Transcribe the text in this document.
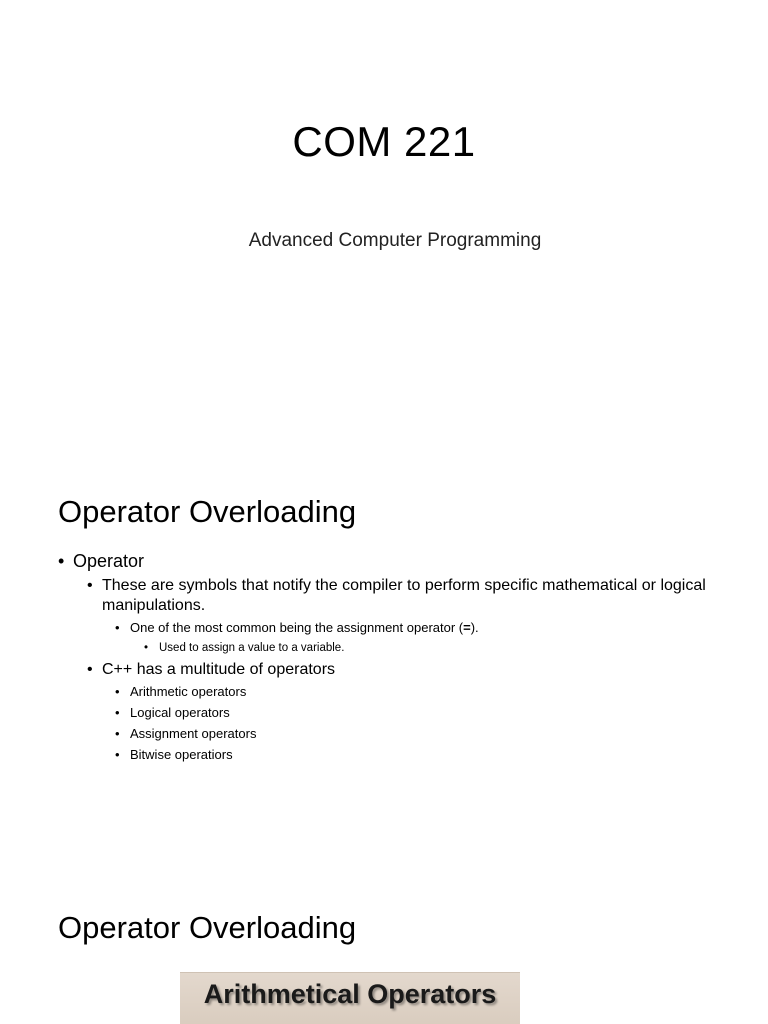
COM 221
Advanced Computer Programming
Operator Overloading
• Operator
• These are symbols that notify the compiler to perform specific mathematical or logical manipulations.
• One of the most common being the assignment operator (=).
• Used to assign a value to a variable.
• C++ has a multitude of operators
• Arithmetic operators
• Logical operators
• Assignment operators
• Bitwise operatiors
Operator Overloading
Arithmetical Operators
